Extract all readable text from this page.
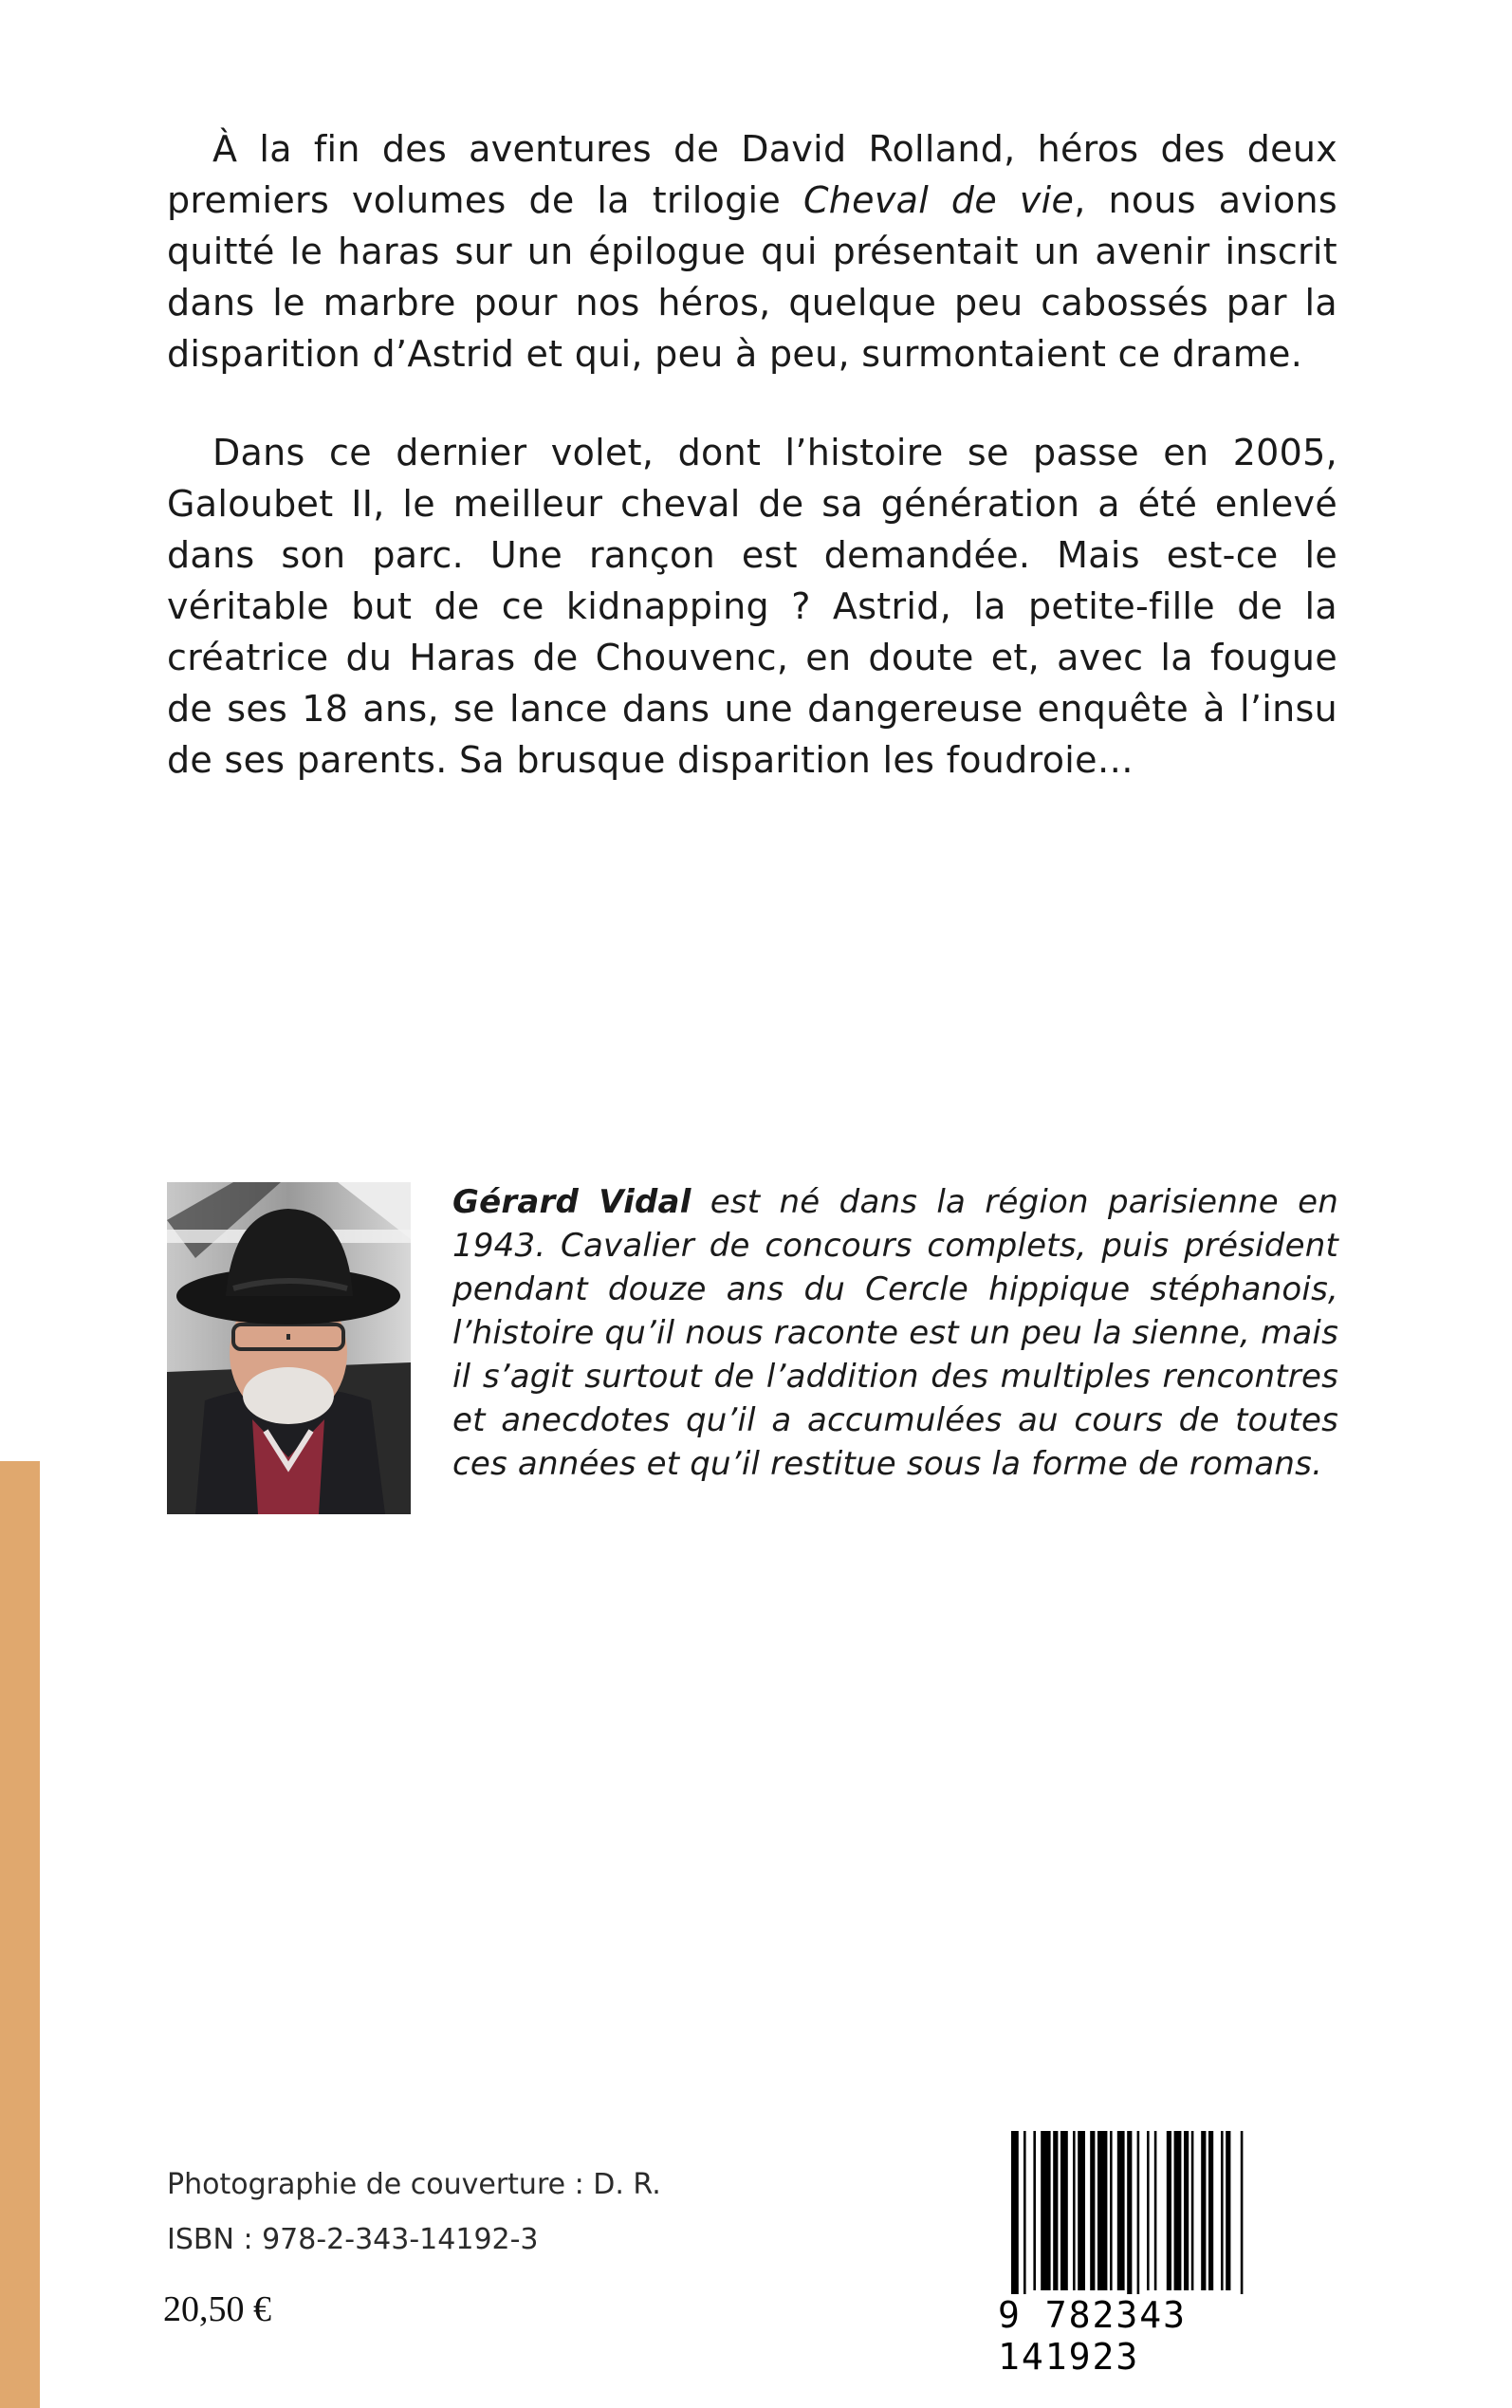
À la fin des aventures de David Rolland, héros des deux premiers volumes de la trilogie Cheval de vie, nous avions quitté le haras sur un épilogue qui présentait un avenir inscrit dans le marbre pour nos héros, quelque peu cabossés par la disparition d’Astrid et qui, peu à peu, surmontaient ce drame.

Dans ce dernier volet, dont l’histoire se passe en 2005, Galoubet II, le meilleur cheval de sa génération a été enlevé dans son parc. Une rançon est demandée. Mais est-ce le véritable but de ce kidnapping ? Astrid, la petite-fille de la créatrice du Haras de Chouvenc, en doute et, avec la fougue de ses 18 ans, se lance dans une dangereuse enquête à l’insu de ses parents. Sa brusque disparition les foudroie…

Gérard Vidal est né dans la région parisienne en 1943. Cavalier de concours complets, puis président pendant douze ans du Cercle hippique stéphanois, l’histoire qu’il nous raconte est un peu la sienne, mais il s’agit surtout de l’addition des multiples rencontres et anecdotes qu’il a accumulées au cours de toutes ces années et qu’il restitue sous la forme de romans.
Photographie de couverture : D. R.
ISBN : 978-2-343-14192-3
20,50 €	9 782343 141923
